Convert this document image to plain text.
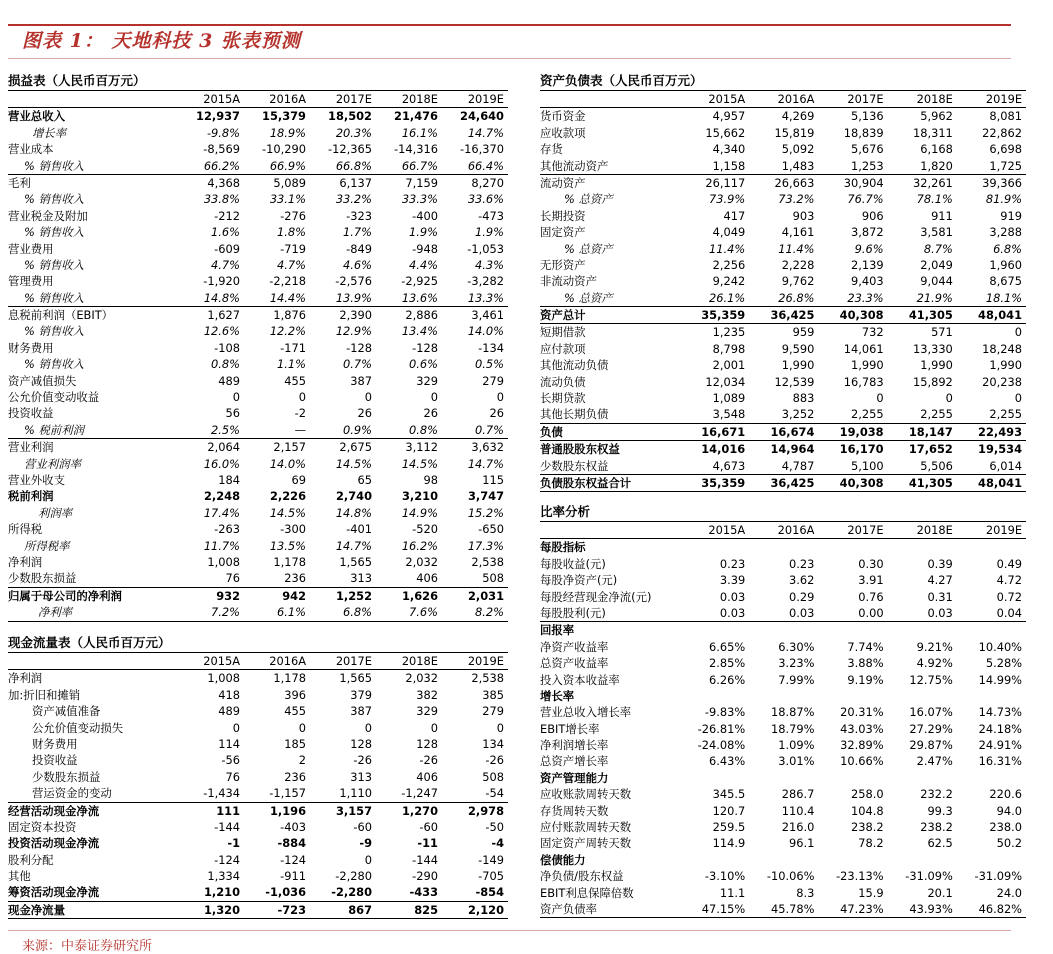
图表 1： 天地科技 3 张表预测
损益表（人民币百万元）
2015A	2016A	2017E	2018E	2019E
营业总收入	12,937	15,379	18,502	21,476	24,640
增长率	-9.8%	18.9%	20.3%	16.1%	14.7%
营业成本	-8,569	-10,290	-12,365	-14,316	-16,370
% 销售收入	66.2%	66.9%	66.8%	66.7%	66.4%
毛利	4,368	5,089	6,137	7,159	8,270
% 销售收入	33.8%	33.1%	33.2%	33.3%	33.6%
营业税金及附加	-212	-276	-323	-400	-473
% 销售收入	1.6%	1.8%	1.7%	1.9%	1.9%
营业费用	-609	-719	-849	-948	-1,053
% 销售收入	4.7%	4.7%	4.6%	4.4%	4.3%
管理费用	-1,920	-2,218	-2,576	-2,925	-3,282
% 销售收入	14.8%	14.4%	13.9%	13.6%	13.3%
息税前利润（EBIT）	1,627	1,876	2,390	2,886	3,461
% 销售收入	12.6%	12.2%	12.9%	13.4%	14.0%
财务费用	-108	-171	-128	-128	-134
% 销售收入	0.8%	1.1%	0.7%	0.6%	0.5%
资产减值损失	489	455	387	329	279
公允价值变动收益	0	0	0	0	0
投资收益	56	-2	26	26	26
% 税前利润	2.5%	—	0.9%	0.8%	0.7%
营业利润	2,064	2,157	2,675	3,112	3,632
营业利润率	16.0%	14.0%	14.5%	14.5%	14.7%
营业外收支	184	69	65	98	115
税前利润	2,248	2,226	2,740	3,210	3,747
利润率	17.4%	14.5%	14.8%	14.9%	15.2%
所得税	-263	-300	-401	-520	-650
所得税率	11.7%	13.5%	14.7%	16.2%	17.3%
净利润	1,008	1,178	1,565	2,032	2,538
少数股东损益	76	236	313	406	508
归属于母公司的净利润	932	942	1,252	1,626	2,031
净利率	7.2%	6.1%	6.8%	7.6%	8.2%
现金流量表（人民币百万元）
2015A	2016A	2017E	2018E	2019E
净利润	1,008	1,178	1,565	2,032	2,538
加:折旧和摊销	418	396	379	382	385
资产减值准备	489	455	387	329	279
公允价值变动损失	0	0	0	0	0
财务费用	114	185	128	128	134
投资收益	-56	2	-26	-26	-26
少数股东损益	76	236	313	406	508
营运资金的变动	-1,434	-1,157	1,110	-1,247	-54
经营活动现金净流	111	1,196	3,157	1,270	2,978
固定资本投资	-144	-403	-60	-60	-50
投资活动现金净流	-1	-884	-9	-11	-4
股利分配	-124	-124	0	-144	-149
其他	1,334	-911	-2,280	-290	-705
筹资活动现金净流	1,210	-1,036	-2,280	-433	-854
现金净流量	1,320	-723	867	825	2,120
资产负债表（人民币百万元）
2015A	2016A	2017E	2018E	2019E
货币资金	4,957	4,269	5,136	5,962	8,081
应收款项	15,662	15,819	18,839	18,311	22,862
存货	4,340	5,092	5,676	6,168	6,698
其他流动资产	1,158	1,483	1,253	1,820	1,725
流动资产	26,117	26,663	30,904	32,261	39,366
% 总资产	73.9%	73.2%	76.7%	78.1%	81.9%
长期投资	417	903	906	911	919
固定资产	4,049	4,161	3,872	3,581	3,288
% 总资产	11.4%	11.4%	9.6%	8.7%	6.8%
无形资产	2,256	2,228	2,139	2,049	1,960
非流动资产	9,242	9,762	9,403	9,044	8,675
% 总资产	26.1%	26.8%	23.3%	21.9%	18.1%
资产总计	35,359	36,425	40,308	41,305	48,041
短期借款	1,235	959	732	571	0
应付款项	8,798	9,590	14,061	13,330	18,248
其他流动负债	2,001	1,990	1,990	1,990	1,990
流动负债	12,034	12,539	16,783	15,892	20,238
长期贷款	1,089	883	0	0	0
其他长期负债	3,548	3,252	2,255	2,255	2,255
负债	16,671	16,674	19,038	18,147	22,493
普通股股东权益	14,016	14,964	16,170	17,652	19,534
少数股东权益	4,673	4,787	5,100	5,506	6,014
负债股东权益合计	35,359	36,425	40,308	41,305	48,041
比率分析
2015A	2016A	2017E	2018E	2019E
每股指标
每股收益(元)	0.23	0.23	0.30	0.39	0.49
每股净资产(元)	3.39	3.62	3.91	4.27	4.72
每股经营现金净流(元)	0.03	0.29	0.76	0.31	0.72
每股股利(元)	0.03	0.03	0.00	0.03	0.04
回报率
净资产收益率	6.65%	6.30%	7.74%	9.21%	10.40%
总资产收益率	2.85%	3.23%	3.88%	4.92%	5.28%
投入资本收益率	6.26%	7.99%	9.19%	12.75%	14.99%
增长率
营业总收入增长率	-9.83%	18.87%	20.31%	16.07%	14.73%
EBIT增长率	-26.81%	18.79%	43.03%	27.29%	24.18%
净利润增长率	-24.08%	1.09%	32.89%	29.87%	24.91%
总资产增长率	6.43%	3.01%	10.66%	2.47%	16.31%
资产管理能力
应收账款周转天数	345.5	286.7	258.0	232.2	220.6
存货周转天数	120.7	110.4	104.8	99.3	94.0
应付账款周转天数	259.5	216.0	238.2	238.2	238.0
固定资产周转天数	114.9	96.1	78.2	62.5	50.2
偿债能力
净负债/股东权益	-3.10%	-10.06%	-23.13%	-31.09%	-31.09%
EBIT利息保障倍数	11.1	8.3	15.9	20.1	24.0
资产负债率	47.15%	45.78%	47.23%	43.93%	46.82%
来源：中泰证券研究所
